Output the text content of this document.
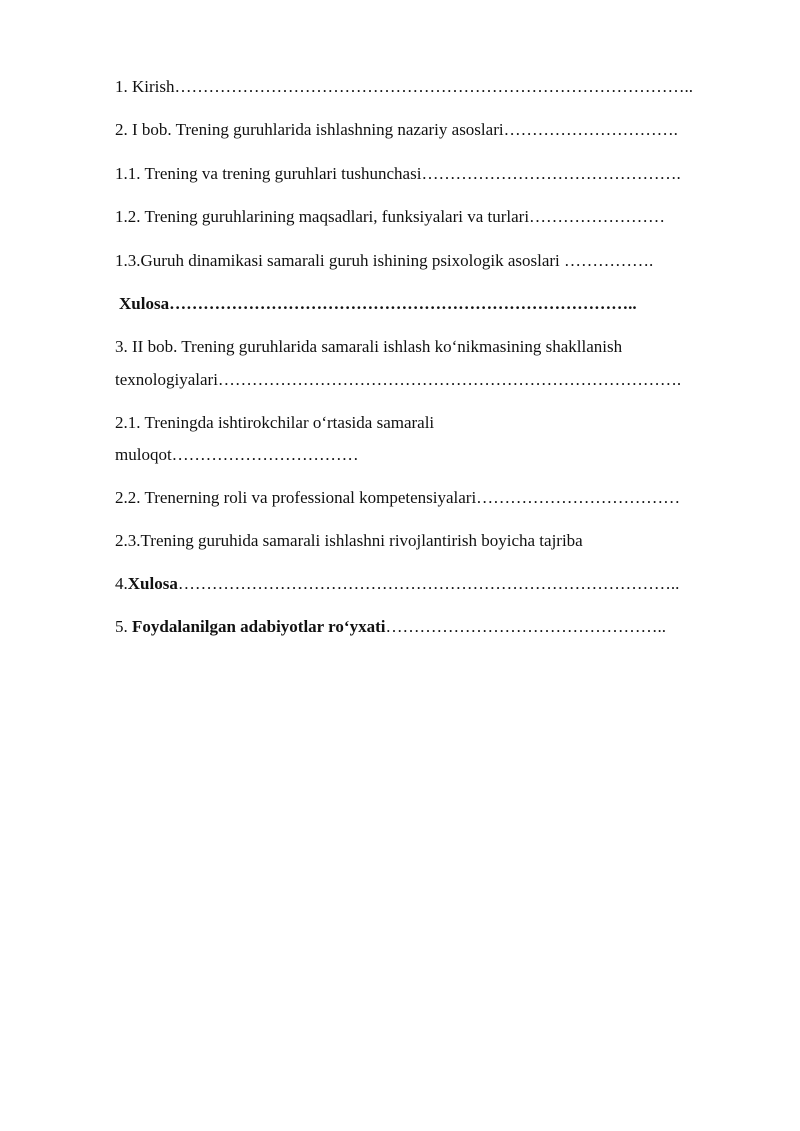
1. Kirish………………………………………………………………………………..

2. I bob. Trening guruhlarida ishlashning nazariy asoslari………………………….

1.1. Trening va trening guruhlari tushunchasi……………………………………….

1.2. Trening guruhlarining maqsadlari, funksiyalari va turlari……………………

1.3.Guruh dinamikasi samarali guruh ishining psixologik asoslari …………….

Xulosa………………………………………………………………………..

3. II bob. Trening guruhlarida samarali ishlash ko‘nikmasining shakllanish

texnologiyalari……………………………………………………………………….

2.1. Treningda ishtirokchilar o‘rtasida samarali

muloqot……………………………

2.2. Trenerning roli va professional kompetensiyalari………………………………

2.3.Trening guruhida samarali ishlashni rivojlantirish boyicha tajriba

4.Xulosa……………………………………………………………………………..

5. Foydalanilgan adabiyotlar ro‘yxati…………………………………………..
